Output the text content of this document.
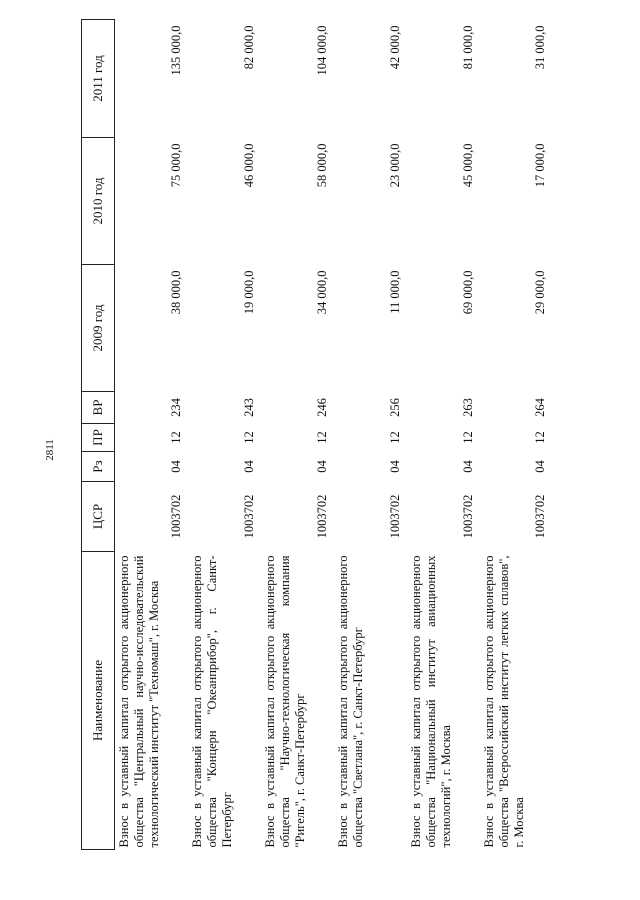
2811
Наименование	ЦСР	Рз	ПР	ВР	2009 год	2010 год	2011 год
Взнос в уставный капитал открытого акционерного общества "Центральный научно-исследовательский технологический институт "Техномаш", г. Москва	1003702	04	12	234	38 000,0	75 000,0	135 000,0
Взнос в уставный капитал открытого акционерного общества "Концерн "Океанприбор", г. Санкт-Петербург	1003702	04	12	243	19 000,0	46 000,0	82 000,0
Взнос в уставный капитал открытого акционерного общества "Научно-технологическая компания "Ригель", г. Санкт-Петербург	1003702	04	12	246	34 000,0	58 000,0	104 000,0
Взнос в уставный капитал открытого акционерного общества "Светлана", г. Санкт-Петербург	1003702	04	12	256	11 000,0	23 000,0	42 000,0
Взнос в уставный капитал открытого акционерного общества "Национальный институт авиационных технологий", г. Москва	1003702	04	12	263	69 000,0	45 000,0	81 000,0
Взнос в уставный капитал открытого акционерного общества "Всероссийский институт легких сплавов", г. Москва	1003702	04	12	264	29 000,0	17 000,0	31 000,0
